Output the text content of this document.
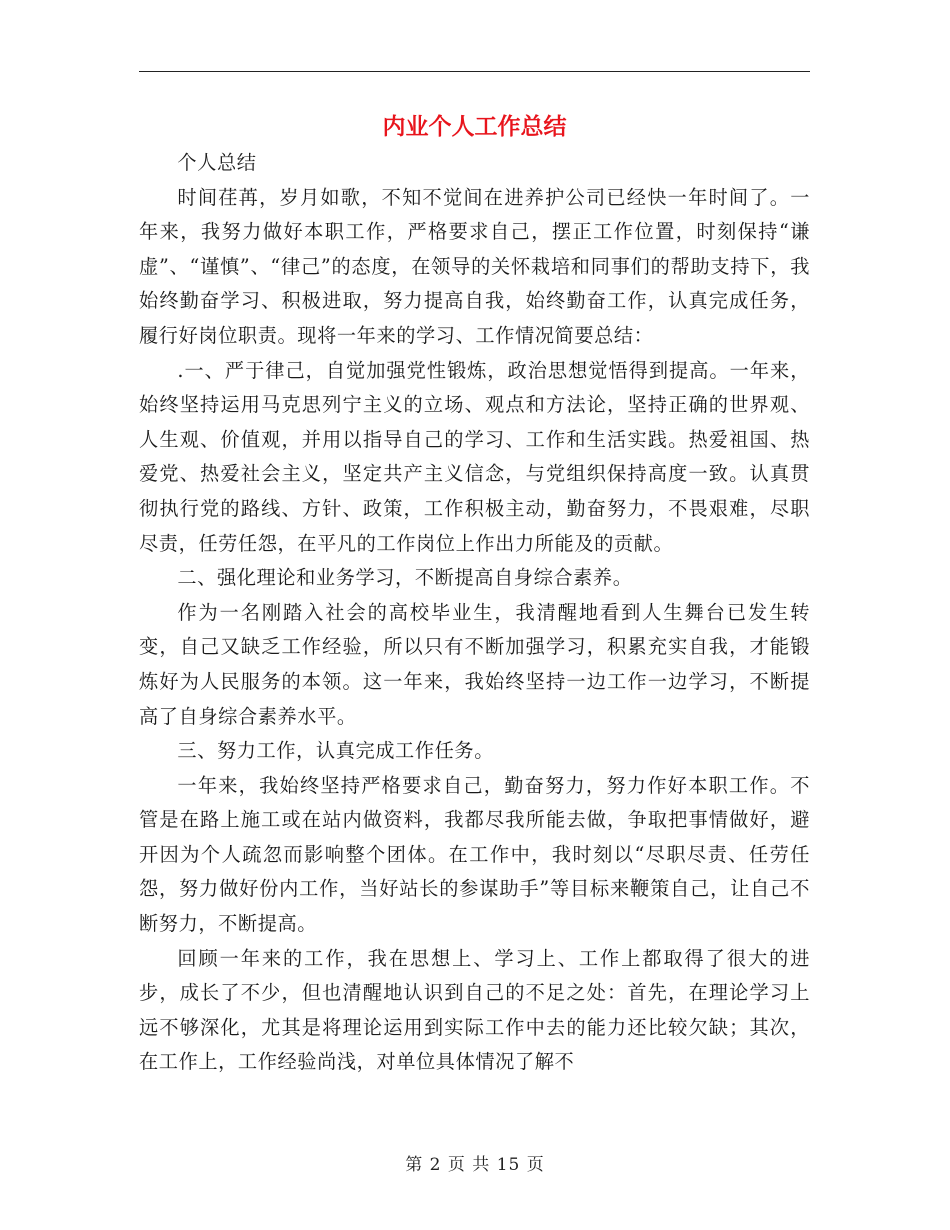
内业个人工作总结

个人总结

时间荏苒，岁月如歌，不知不觉间在进养护公司已经快一年时间了。一年来，我努力做好本职工作，严格要求自己，摆正工作位置，时刻保持“谦虚”、“谨慎”、“律己”的态度，在领导的关怀栽培和同事们的帮助支持下，我始终勤奋学习、积极进取，努力提高自我，始终勤奋工作，认真完成任务，履行好岗位职责。现将一年来的学习、工作情况简要总结：

.一、严于律己，自觉加强党性锻炼，政治思想觉悟得到提高。一年来，始终坚持运用马克思列宁主义的立场、观点和方法论，坚持正确的世界观、人生观、价值观，并用以指导自己的学习、工作和生活实践。热爱祖国、热爱党、热爱社会主义，坚定共产主义信念，与党组织保持高度一致。认真贯彻执行党的路线、方针、政策，工作积极主动，勤奋努力，不畏艰难，尽职尽责，任劳任怨，在平凡的工作岗位上作出力所能及的贡献。

二、强化理论和业务学习，不断提高自身综合素养。

作为一名刚踏入社会的高校毕业生，我清醒地看到人生舞台已发生转变，自己又缺乏工作经验，所以只有不断加强学习，积累充实自我，才能锻炼好为人民服务的本领。这一年来，我始终坚持一边工作一边学习，不断提高了自身综合素养水平。

三、努力工作，认真完成工作任务。

一年来，我始终坚持严格要求自己，勤奋努力，努力作好本职工作。不管是在路上施工或在站内做资料，我都尽我所能去做，争取把事情做好，避开因为个人疏忽而影响整个团体。在工作中，我时刻以“尽职尽责、任劳任怨，努力做好份内工作，当好站长的参谋助手”等目标来鞭策自己，让自己不断努力，不断提高。

回顾一年来的工作，我在思想上、学习上、工作上都取得了很大的进步，成长了不少，但也清醒地认识到自己的不足之处：首先，在理论学习上远不够深化，尤其是将理论运用到实际工作中去的能力还比较欠缺；其次，在工作上，工作经验尚浅，对单位具体情况了解不

第 2 页 共 15 页
